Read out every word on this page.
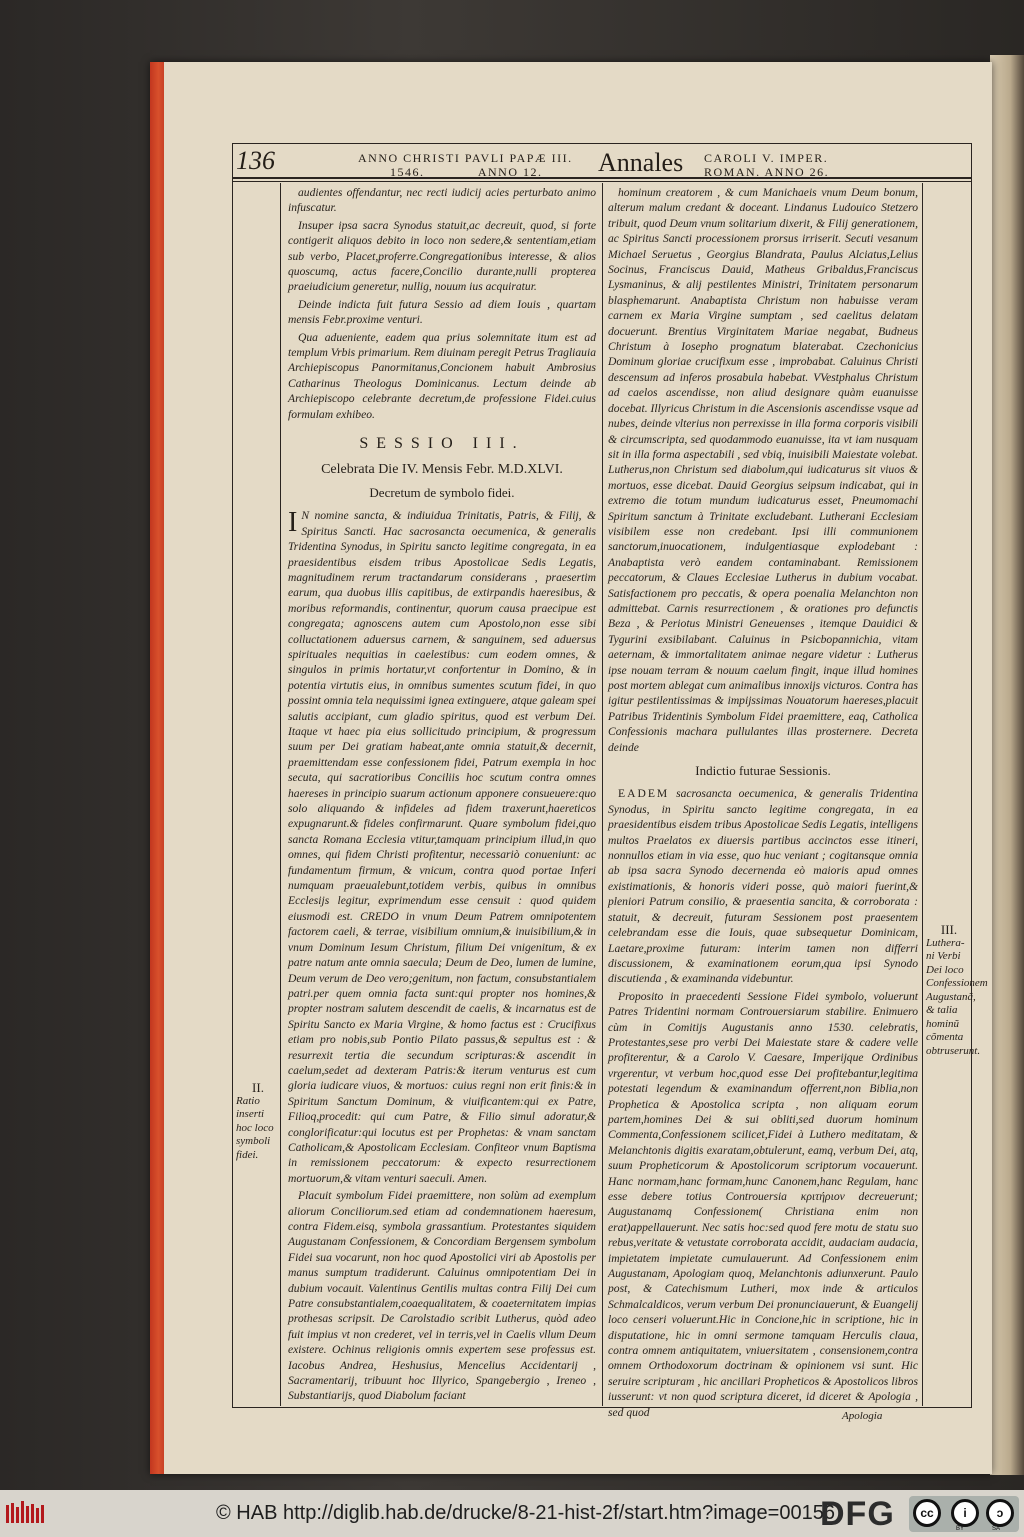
136	ANNO CHRISTI PAVLI PAPÆ III.
1546.            ANNO 12. Annales CAROLI V. IMPER.
ROMAN. ANNO 26.

audientes offendantur, nec recti iudicij acies perturbato animo infuscatur.

Insuper ipsa sacra Synodus statuit,ac decreuit, quod, si forte contigerit aliquos debito in loco non sedere,& sententiam,etiam sub verbo, Placet,proferre.Congregationibus interesse, & alios quoscumq, actus facere,Concilio durante,nulli propterea praeiudicium generetur, nullig, nouum ius acquiratur.

Deinde indicta fuit futura Sessio ad diem Iouis , quartam mensis Febr.proxime venturi.

Qua adueniente, eadem qua prius solemnitate itum est ad templum Vrbis primarium. Rem diuinam peregit Petrus Tragliauia Archiepiscopus Panormitanus,Concionem habuit Ambrosius Catharinus Theologus Dominicanus. Lectum deinde ab Archiepiscopo celebrante decretum,de professione Fidei.cuius formulam exhibeo.

SESSIO III.

Celebrata Die IV. Mensis Febr. M.D.XLVI.

Decretum de symbolo fidei.

I N nomine sancta, & indiuidua Trinitatis, Patris, & Filij, & Spiritus Sancti. Hac sacrosancta oecumenica, & generalis Tridentina Synodus, in Spiritu sancto legitime congregata, in ea praesidentibus eisdem tribus Apostolicae Sedis Legatis, magnitudinem rerum tractandarum considerans , praesertim earum, qua duobus illis capitibus, de extirpandis haeresibus, & moribus reformandis, continentur, quorum causa praecipue est congregata; agnoscens autem cum Apostolo,non esse sibi colluctationem aduersus carnem, & sanguinem, sed aduersus spirituales nequitias in caelestibus: cum eodem omnes, & singulos in primis hortatur,vt confortentur in Domino, & in potentia virtutis eius, in omnibus sumentes scutum fidei, in quo possint omnia tela nequissimi ignea extinguere, atque galeam spei salutis accipiant, cum gladio spiritus, quod est verbum Dei. Itaque vt haec pia eius sollicitudo principium, & progressum suum per Dei gratiam habeat,ante omnia statuit,& decernit, praemittendam esse confessionem fidei, Patrum exempla in hoc secuta, qui sacratioribus Conciliis hoc scutum contra omnes haereses in principio suarum actionum apponere consueuere:quo solo aliquando & infideles ad fidem traxerunt,haereticos expugnarunt.& fideles confirmarunt. Quare symbolum fidei,quo sancta Romana Ecclesia vtitur,tamquam principium illud,in quo omnes, qui fidem Christi profitentur, necessariò conueniunt: ac fundamentum firmum, & vnicum, contra quod portae Inferi numquam praeualebunt,totidem verbis, quibus in omnibus Ecclesijs legitur, exprimendum esse censuit : quod quidem eiusmodi est. CREDO in vnum Deum Patrem omnipotentem factorem caeli, & terrae, visibilium omnium,& inuisibilium,& in vnum Dominum Iesum Christum, filium Dei vnigenitum, & ex patre natum ante omnia saecula; Deum de Deo, lumen de lumine, Deum verum de Deo vero;genitum, non factum, consubstantialem patri.per quem omnia facta sunt:qui propter nos homines,& propter nostram salutem descendit de caelis, & incarnatus est de Spiritu Sancto ex Maria Virgine, & homo factus est : Crucifixus etiam pro nobis,sub Pontio Pilato passus,& sepultus est : & resurrexit tertia die secundum scripturas:& ascendit in caelum,sedet ad dexteram Patris:& iterum venturus est cum gloria iudicare viuos, & mortuos: cuius regni non erit finis:& in Spiritum Sanctum Dominum, & viuificantem:qui ex Patre, Filioq,procedit: qui cum Patre, & Filio simul adoratur,& conglorificatur:qui locutus est per Prophetas: & vnam sanctam Catholicam,& Apostolicam Ecclesiam. Confiteor vnum Baptisma in remissionem peccatorum: & expecto resurrectionem mortuorum,& vitam venturi saeculi. Amen.

Placuit symbolum Fidei praemittere, non solùm ad exemplum aliorum Conciliorum.sed etiam ad condemnationem haeresum, contra Fidem.eisq, symbola grassantium. Protestantes siquidem Augustanam Confessionem, & Concordiam Bergensem symbolum Fidei sua vocarunt, non hoc quod Apostolici viri ab Apostolis per manus sumptum tradiderunt. Caluinus omnipotentiam Dei in dubium vocauit. Valentinus Gentilis multas contra Filij Dei cum Patre consubstantialem,coaequalitatem, & coaeternitatem impias prothesas scripsit. De Carolstadio scribit Lutherus, quòd adeo fuit impius vt non crederet, vel in terris,vel in Caelis vllum Deum existere. Ochinus religionis omnis expertem sese professus est. Iacobus Andrea, Heshusius, Mencelius Accidentarij , Sacramentarij, tribuunt hoc Illyrico, Spangebergio , Ireneo , Substantiarijs, quod Diabolum faciant

hominum creatorem , & cum Manichaeis vnum Deum bonum, alterum malum credant & doceant. Lindanus Ludouico Stetzero tribuit, quod Deum vnum solitarium dixerit, & Filij generationem, ac Spiritus Sancti processionem prorsus irriserit. Secuti vesanum Michael Seruetus , Georgius Blandrata, Paulus Alciatus,Lelius Socinus, Franciscus Dauid, Matheus Gribaldus,Franciscus Lysmaninus, & alij pestilentes Ministri, Trinitatem personarum blasphemarunt. Anabaptista Christum non habuisse veram carnem ex Maria Virgine sumptam , sed caelitus delatam docuerunt. Brentius Virginitatem Mariae negabat, Budneus Christum à Iosepho prognatum blaterabat. Czechonicius Dominum gloriae crucifixum esse , improbabat. Caluinus Christi descensum ad inferos prosabula habebat. VVestphalus Christum ad caelos ascendisse, non aliud designare quàm euanuisse docebat. Illyricus Christum in die Ascensionis ascendisse vsque ad nubes, deinde vlterius non perrexisse in illa forma corporis visibili & circumscripta, sed quodammodo euanuisse, ita vt iam nusquam sit in illa forma aspectabili , sed vbiq, inuisibili Maiestate volebat. Lutherus,non Christum sed diabolum,qui iudicaturus sit viuos & mortuos, esse dicebat. Dauid Georgius seipsum indicabat, qui in extremo die totum mundum iudicaturus esset, Pneumomachi Spiritum sanctum à Trinitate excludebant. Lutherani Ecclesiam visibilem esse non credebant. Ipsi illi communionem sanctorum,inuocationem, indulgentiasque explodebant : Anabaptista verò eandem contaminabant. Remissionem peccatorum, & Claues Ecclesiae Lutherus in dubium vocabat. Satisfactionem pro peccatis, & opera poenalia Melanchton non admittebat. Carnis resurrectionem , & orationes pro defunctis Beza , & Periotus Ministri Geneuenses , itemque Dauidici & Tygurini exsibilabant. Caluinus in Psicbopannichia, vitam aeternam, & immortalitatem animae negare videtur : Lutherus ipse nouam terram & nouum caelum fingit, inque illud homines post mortem ablegat cum animalibus innoxijs victuros. Contra has igitur pestilentissimas & impijssimas Nouatorum haereses,placuit Patribus Tridentinis Symbolum Fidei praemittere, eaq, Catholica Confessionis machara pullulantes illas prosternere. Decreta deinde

Indictio futurae Sessionis.

EADEM sacrosancta oecumenica, & generalis Tridentina Synodus, in Spiritu sancto legitime congregata, in ea praesidentibus eisdem tribus Apostolicae Sedis Legatis, intelligens multos Praelatos ex diuersis partibus accinctos esse itineri, nonnullos etiam in via esse, quo huc veniant ; cogitansque omnia ab ipsa sacra Synodo decernenda eò maioris apud omnes existimationis, & honoris videri posse, quò maiori fuerint,& pleniori Patrum consilio, & praesentia sancita, & corroborata : statuit, & decreuit, futuram Sessionem post praesentem celebrandam esse die Iouis, quae subsequetur Dominicam, Laetare,proxime futuram: interim tamen non differri discussionem, & examinationem eorum,qua ipsi Synodo discutienda , & examinanda videbuntur.

Proposito in praecedenti Sessione Fidei symbolo, voluerunt Patres Tridentini normam Controuersiarum stabilire. Enimuero cùm in Comitijs Augustanis anno 1530. celebratis, Protestantes,sese pro verbi Dei Maiestate stare & cadere velle profiterentur, & a Carolo V. Caesare, Imperijque Ordinibus vrgerentur, vt verbum hoc,quod esse Dei profitebantur,legitima potestati legendum & examinandum offerrent,non Biblia,non Prophetica & Apostolica scripta , non aliquam eorum partem,homines Dei & sui obliti,sed duorum hominum Commenta,Confessionem scilicet,Fidei à Luthero meditatam, & Melanchtonis digitis exaratam,obtulerunt, eamq, verbum Dei, atq, suum Propheticorum & Apostolicorum scriptorum vocauerunt. Hanc normam,hanc formam,hunc Canonem,hanc Regulam, hanc esse debere totius Controuersia κριτήριον decreuerunt; Augustanamq Confessionem( Christiana enim non erat)appellauerunt. Nec satis hoc:sed quod fere motu de statu suo rebus,veritate & vetustate corroborata accidit, audaciam audacia, impietatem impietate cumulauerunt. Ad Confessionem enim Augustanam, Apologiam quoq, Melanchtonis adiunxerunt. Paulo post, & Catechismum Lutheri, mox inde & articulos Schmalcaldicos, verum verbum Dei pronunciauerunt, & Euangelij loco censeri voluerunt.Hic in Concione,hic in scriptione, hic in disputatione, hic in omni sermone tamquam Herculis claua, contra omnem antiquitatem, vniuersitatem , consensionem,contra omnem Orthodoxorum doctrinam & opinionem vsi sunt. Hic seruire scripturam , hic ancillari Propheticos & Apostolicos libros iusserunt: vt non quod scriptura diceret, id diceret & Apologia , sed quod

II.
Ratio inserti hoc loco symboli fidei.
III.
Luthera-ni Verbi Dei loco Confessionem Augustanã, & talia hominũ cõmenta obtruserunt.
Apologia
© HAB http://diglib.hab.de/drucke/8-21-hist-2f/start.htm?image=00156
DFG	cc	i	ↄ
BY	SA
